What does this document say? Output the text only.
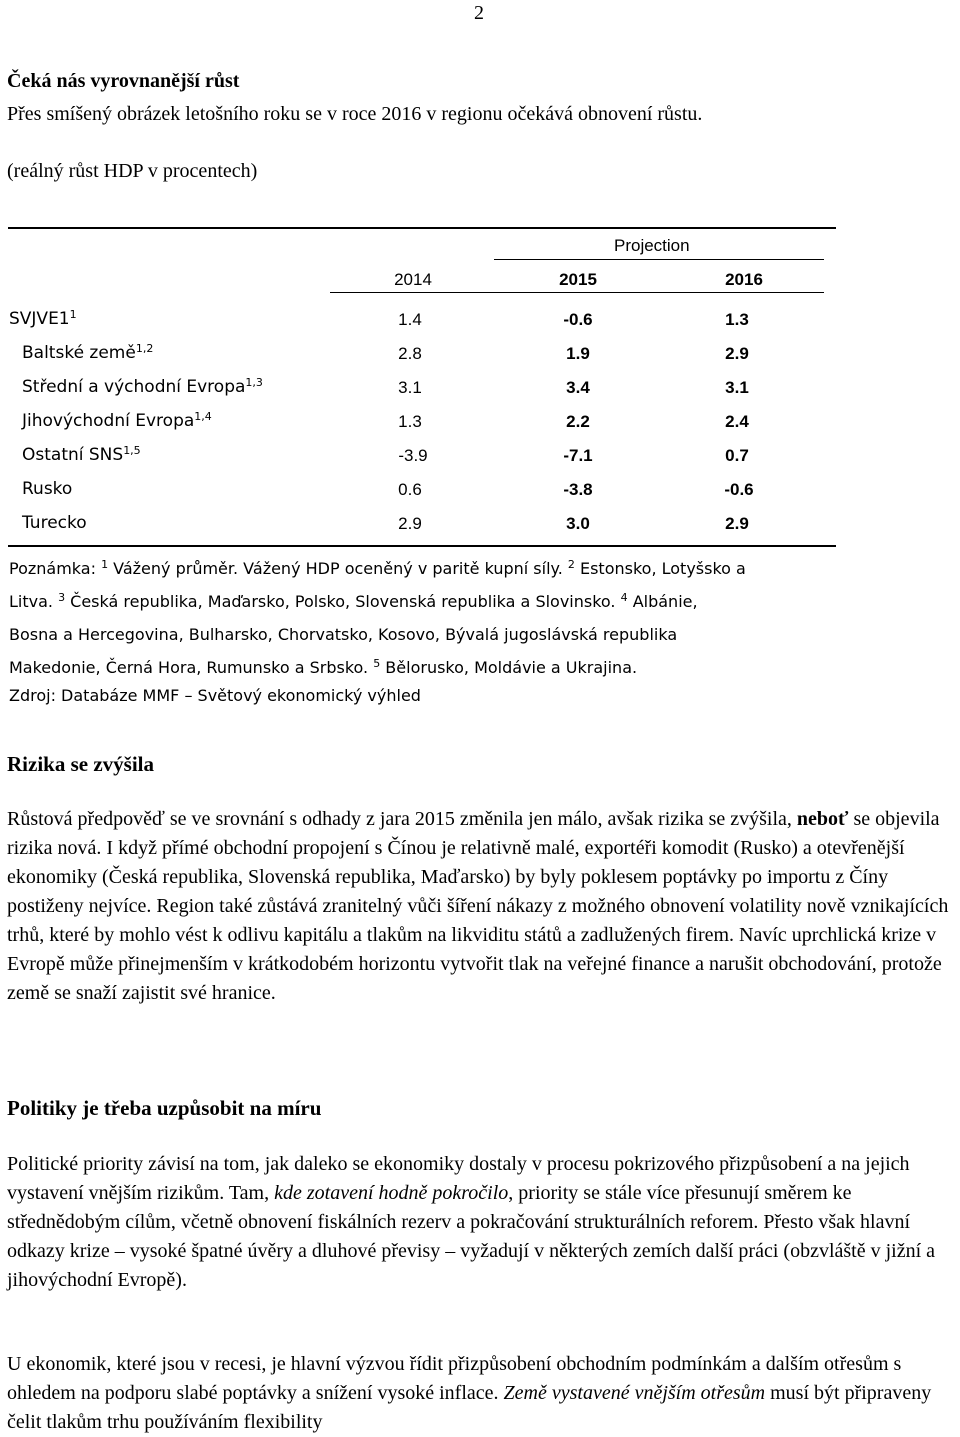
2
Čeká nás vyrovnanější růst
Přes smíšený obrázek letošního roku se v roce 2016 v regionu očekává obnovení růstu.
(reálný růst HDP v procentech)
Projection
2014	2015	2016
$SVJVE1^1$	1.4	-0.6	1.3
Baltské země$^{1,2}$	2.8	1.9	2.9
Střední a východní Evropa$^{1,3}$	3.1	3.4	3.1
Jihovýchodní Evropa$^{1,4}$	1.3	2.2	2.4
Ostatní SNS$^{1,5}$	-3.9	-7.1	0.7
Rusko	0.6	-3.8	-0.6
Turecko	2.9	3.0	2.9
Poznámka: $^1$ Vážený průměr. Vážený HDP oceněný v paritě kupní síly. $^2$ Estonsko, Lotyšsko a
Litva. $^3$ Česká republika, Maďarsko, Polsko, Slovenská republika a Slovinsko. $^4$ Albánie,
Bosna a Hercegovina, Bulharsko, Chorvatsko, Kosovo, Bývalá jugoslávská republika
Makedonie, Černá Hora, Rumunsko a Srbsko. $^5$ Bělorusko, Moldávie a Ukrajina.
Zdroj: Databáze MMF – Světový ekonomický výhled
Rizika se zvýšila
Růstová předpověď se ve srovnání s odhady z jara 2015 změnila jen málo, avšak rizika se zvýšila, neboť se objevila rizika nová. I když přímé obchodní propojení s Čínou je relativně malé, exportéři komodit (Rusko) a otevřenější ekonomiky (Česká republika, Slovenská republika, Maďarsko) by byly poklesem poptávky po importu z Číny postiženy nejvíce. Region také zůstává zranitelný vůči šíření nákazy z možného obnovení volatility nově vznikajících trhů, které by mohlo vést k odlivu kapitálu a tlakům na likviditu států a zadlužených firem. Navíc uprchlická krize v Evropě může přinejmenším v krátkodobém horizontu vytvořit tlak na veřejné finance a narušit obchodování, protože země se snaží zajistit své hranice.
Politiky je třeba uzpůsobit na míru
Politické priority závisí na tom, jak daleko se ekonomiky dostaly v procesu pokrizového přizpůsobení a na jejich vystavení vnějším rizikům. Tam, kde zotavení hodně pokročilo, priority se stále více přesunují směrem ke střednědobým cílům, včetně obnovení fiskálních rezerv a pokračování strukturálních reforem. Přesto však hlavní odkazy krize – vysoké špatné úvěry a dluhové převisy – vyžadují v některých zemích další práci (obzvláště v jižní a jihovýchodní Evropě).
U ekonomik, které jsou v recesi, je hlavní výzvou řídit přizpůsobení obchodním podmínkám a dalším otřesům s ohledem na podporu slabé poptávky a snížení vysoké inflace. Země vystavené vnějším otřesům musí být připraveny čelit tlakům trhu používáním flexibility
